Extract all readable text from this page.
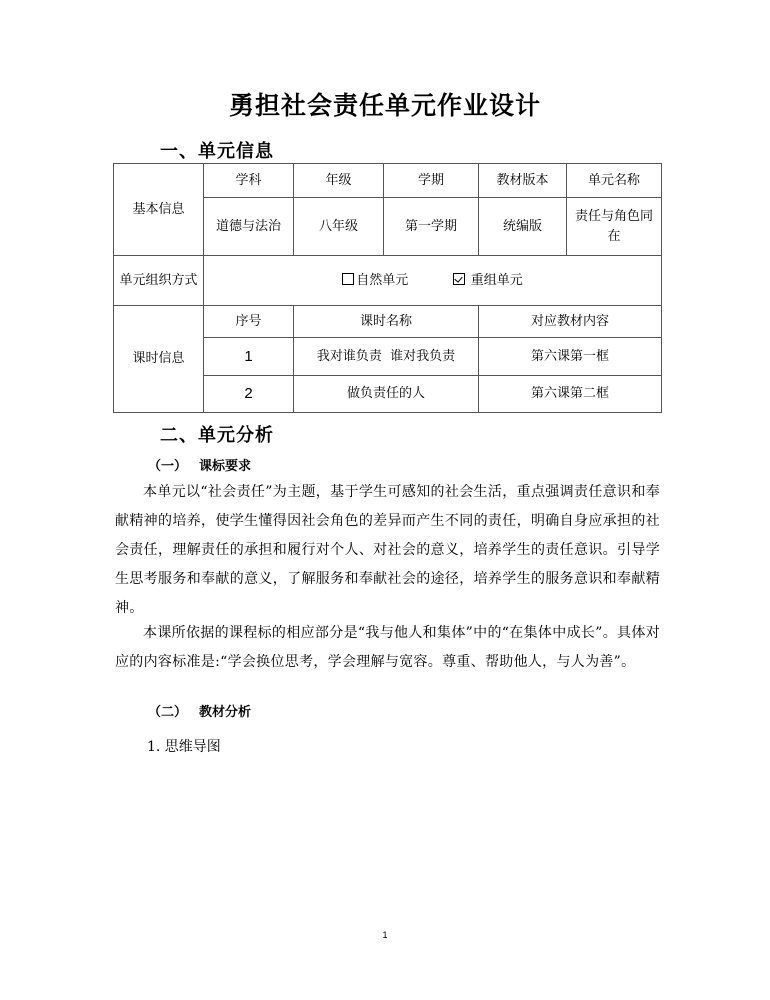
勇担社会责任单元作业设计
一、单元信息
基本信息	学科	年级	学期	教材版本	单元名称
	道德与法治	八年级	第一学期	统编版	责任与角色同在
单元组织方式	自然单元 重组单元				
课时信息	序号	课时名称		对应教材内容	
	1	我对谁负责  谁对我负责		第六课第一框	
	2	做负责任的人		第六课第二框	
二、单元分析
（一） 课标要求

本单元以“社会责任”为主题，基于学生可感知的社会生活，重点强调责任意识和奉献精神的培养，使学生懂得因社会角色的差异而产生不同的责任，明确自身应承担的社会责任，理解责任的承担和履行对个人、对社会的意义，培养学生的责任意识。引导学生思考服务和奉献的意义，了解服务和奉献社会的途径，培养学生的服务意识和奉献精神。

本课所依据的课程标的相应部分是“我与他人和集体”中的“在集体中成长”。具体对应的内容标准是:“学会换位思考，学会理解与宽容。尊重、帮助他人，与人为善”。

（二） 教材分析
1. 思维导图
1
